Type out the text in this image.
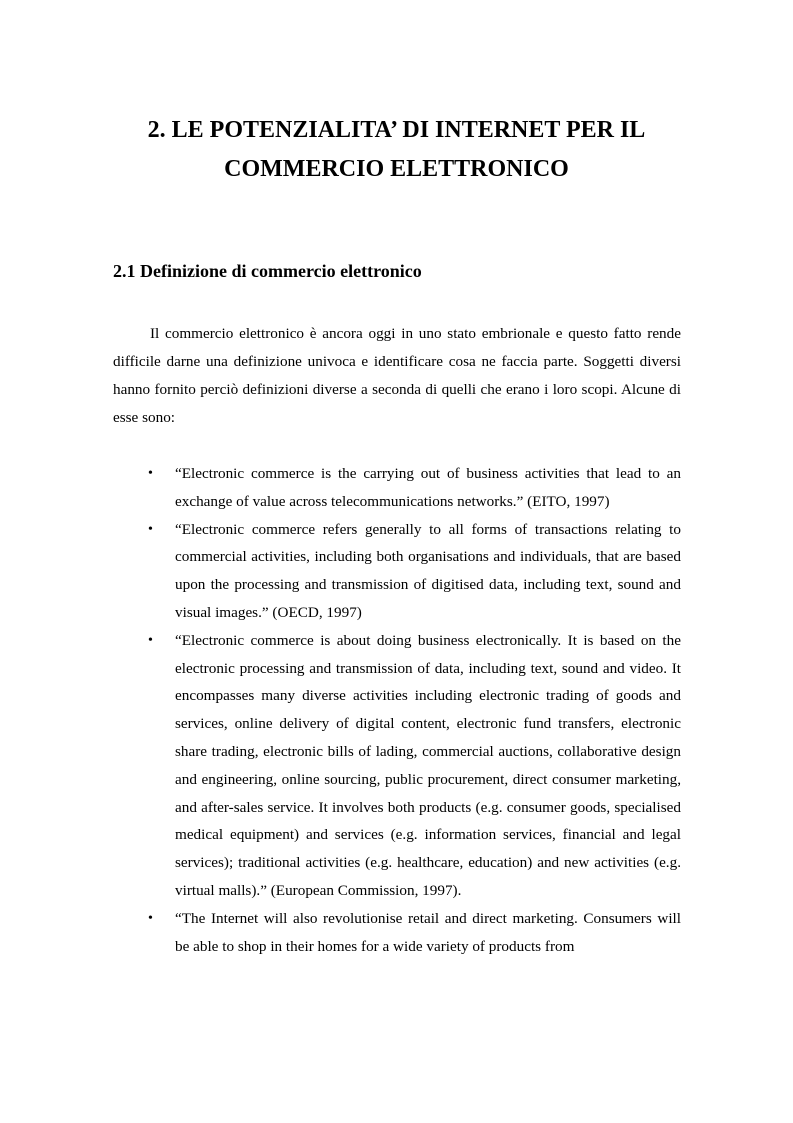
2. LE POTENZIALITA’ DI INTERNET PER IL
COMMERCIO ELETTRONICO
2.1 Definizione di commercio elettronico

Il commercio elettronico è ancora oggi in uno stato embrionale e questo fatto rende difficile darne una definizione univoca e identificare cosa ne faccia parte. Soggetti diversi hanno fornito perciò definizioni diverse a seconda di quelli che erano i loro scopi. Alcune di esse sono:

• “Electronic commerce is the carrying out of business activities that lead to an exchange of value across telecommunications networks.” (EITO, 1997)
• “Electronic commerce refers generally to all forms of transactions relating to commercial activities, including both organisations and individuals, that are based upon the processing and transmission of digitised data, including text, sound and visual images.” (OECD, 1997)
• “Electronic commerce is about doing business electronically. It is based on the electronic processing and transmission of data, including text, sound and video. It encompasses many diverse activities including electronic trading of goods and services, online delivery of digital content, electronic fund transfers, electronic share trading, electronic bills of lading, commercial auctions, collaborative design and engineering, online sourcing, public procurement, direct consumer marketing, and after-sales service. It involves both products (e.g. consumer goods, specialised medical equipment) and services (e.g. information services, financial and legal services); traditional activities (e.g. healthcare, education) and new activities (e.g. virtual malls).” (European Commission, 1997).
• “The Internet will also revolutionise retail and direct marketing. Consumers will be able to shop in their homes for a wide variety of products from
